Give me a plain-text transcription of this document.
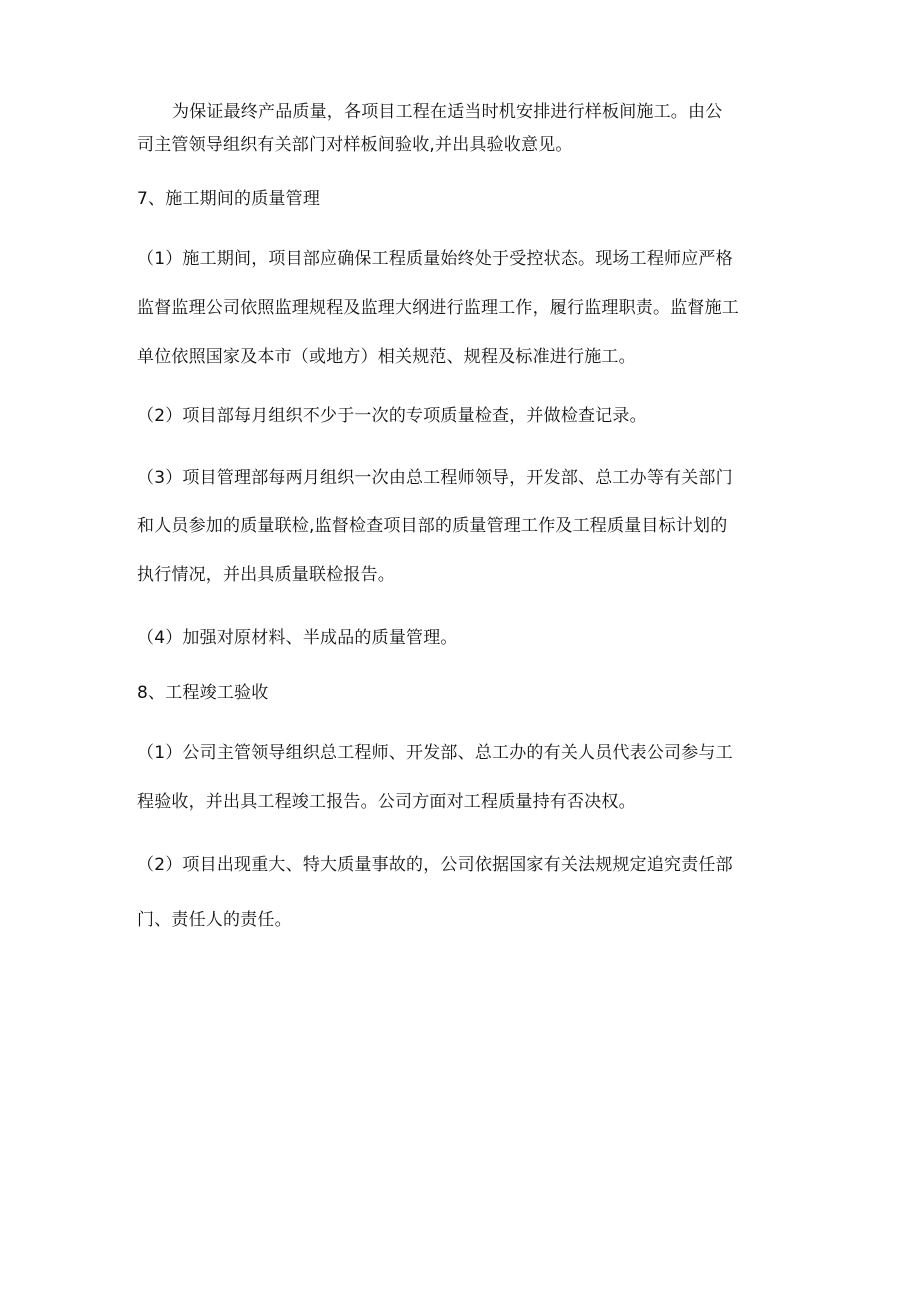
为保证最终产品质量，各项目工程在适当时机安排进行样板间施工。由公
司主管领导组织有关部门对样板间验收,并出具验收意见。
7、施工期间的质量管理
（1）施工期间，项目部应确保工程质量始终处于受控状态。现场工程师应严格
监督监理公司依照监理规程及监理大纲进行监理工作，履行监理职责。监督施工
单位依照国家及本市（或地方）相关规范、规程及标准进行施工。
（2）项目部每月组织不少于一次的专项质量检查，并做检查记录。
（3）项目管理部每两月组织一次由总工程师领导，开发部、总工办等有关部门
和人员参加的质量联检,监督检查项目部的质量管理工作及工程质量目标计划的
执行情况，并出具质量联检报告。
（4）加强对原材料、半成品的质量管理。
8、工程竣工验收
（1）公司主管领导组织总工程师、开发部、总工办的有关人员代表公司参与工
程验收，并出具工程竣工报告。公司方面对工程质量持有否决权。
（2）项目出现重大、特大质量事故的，公司依据国家有关法规规定追究责任部
门、责任人的责任。
